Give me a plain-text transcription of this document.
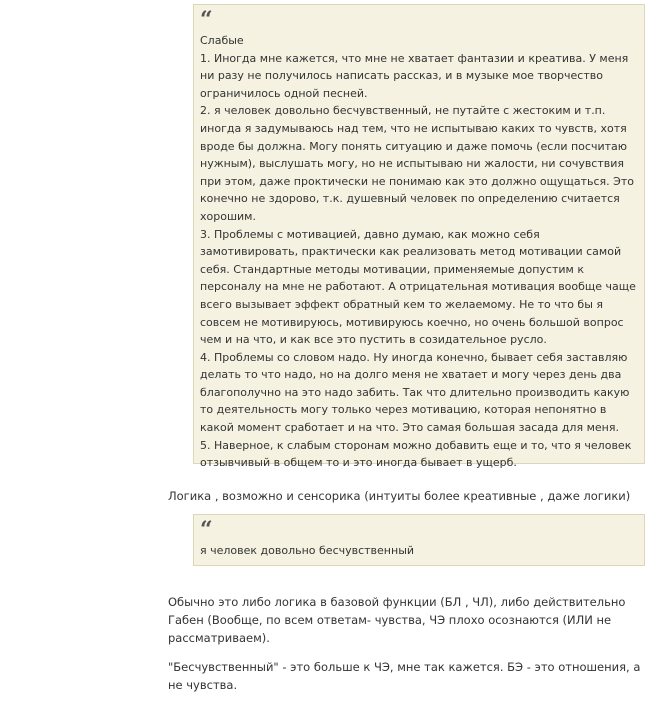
“
Слабые

1. Иногда мне кажется, что мне не хватает фантазии и креатива. У меня ни разу не получилось написать рассказ, и в музыке мое творчество ограничилось одной песней.

2. я человек довольно бесчувственный, не путайте с жестоким и т.п. иногда я задумываюсь над тем, что не испытываю каких то чувств, хотя вроде бы должна. Могу понять ситуацию и даже помочь (если посчитаю нужным), выслушать могу, но не испытываю ни жалости, ни сочувствия при этом, даже проктически не понимаю как это должно ощущаться. Это конечно не здорово, т.к. душевный человек по определению считается хорошим.

3. Проблемы с мотивацией, давно думаю, как можно себя замотивировать, практически как реализовать метод мотивации самой себя. Стандартные методы мотивации, применяемые допустим к персоналу на мне не работают. А отрицательная мотивация вообще чаще всего вызывает эффект обратный кем то желаемому. Не то что бы я совсем не мотивируюсь, мотивируюсь коечно, но очень большой вопрос чем и на что, и как все это пустить в созидательное русло.

4. Проблемы со словом надо. Ну иногда конечно, бывает себя заставляю делать то что надо, но на долго меня не хватает и могу через день два благополучно на это надо забить. Так что длительно производить какую то деятельность могу только через мотивацию, которая непонятно в какой момент сработает и на что. Это самая большая засада для меня.

5. Наверное, к слабым сторонам можно добавить еще и то, что я человек отзывчивый в общем то и это иногда бывает в ущерб.

Логика , возможно и сенсорика (интуиты более креативные , даже логики)

“
я человек довольно бесчувственный

Обычно это либо логика в базовой функции (БЛ , ЧЛ), либо действительно Габен (Вообще, по всем ответам- чувства, ЧЭ плохо осознаются (ИЛИ не рассматриваем).

"Бесчувственный" - это больше к ЧЭ, мне так кажется. БЭ - это отношения, а не чувства.
